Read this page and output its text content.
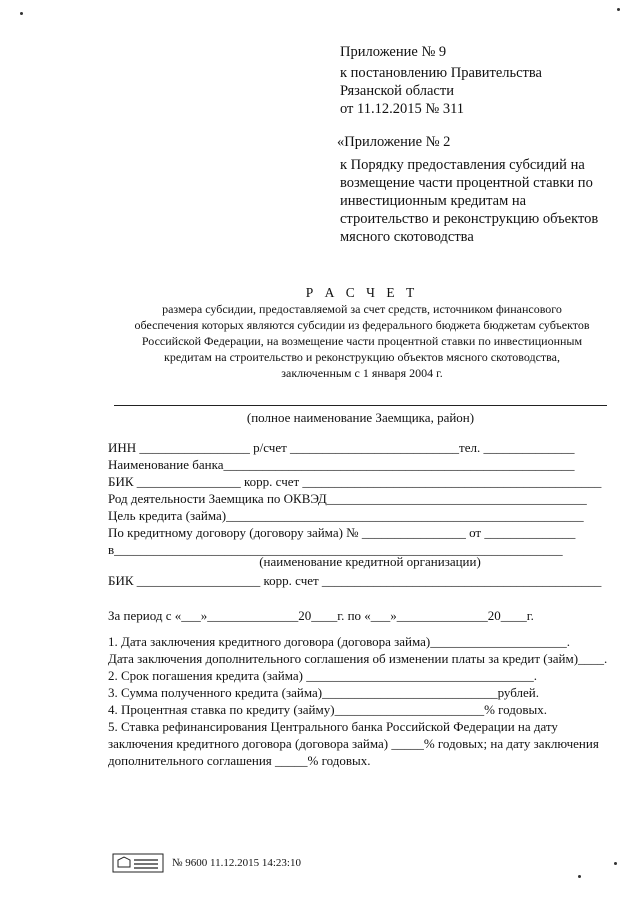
Приложение № 9
к постановлению Правительства
Рязанской области
от 11.12.2015 № 311
«Приложение № 2
к Порядку предоставления субсидий на
возмещение части процентной ставки по
инвестиционным кредитам на
строительство и реконструкцию объектов
мясного скотоводства
Р А С Ч Е Т
размера субсидии, предоставляемой за счет средств, источником финансового
обеспечения которых являются субсидии из федерального бюджета бюджетам субъектов
Российской Федерации, на возмещение части процентной ставки по инвестиционным
кредитам на строительство и реконструкцию объектов мясного скотоводства,
заключенным с 1 января 2004 г.
(полное наименование Заемщика, район)
ИНН _________________ р/счет __________________________тел. ______________
Наименование банка______________________________________________________
БИК ________________ корр. счет ______________________________________________
Род деятельности Заемщика по ОКВЭД________________________________________
Цель кредита (займа)_______________________________________________________
По кредитному договору (договору займа) № ________________ от ______________
в_____________________________________________________________________
(наименование кредитной организации)
БИК ___________________ корр. счет ___________________________________________
За период с «___»______________20____г. по «___»______________20____г.
1. Дата заключения кредитного договора (договора займа)_____________________.
Дата заключения дополнительного соглашения об изменении платы за кредит (займ)____.
2. Срок погашения кредита (займа) ___________________________________.
3. Сумма полученного кредита (займа)___________________________рублей.
4. Процентная ставка по кредиту (займу)_______________________% годовых.
5. Ставка рефинансирования Центрального банка Российской Федерации на дату
заключения кредитного договора (договора займа) _____% годовых; на дату заключения
дополнительного соглашения _____% годовых.
№ 9600 11.12.2015 14:23:10
